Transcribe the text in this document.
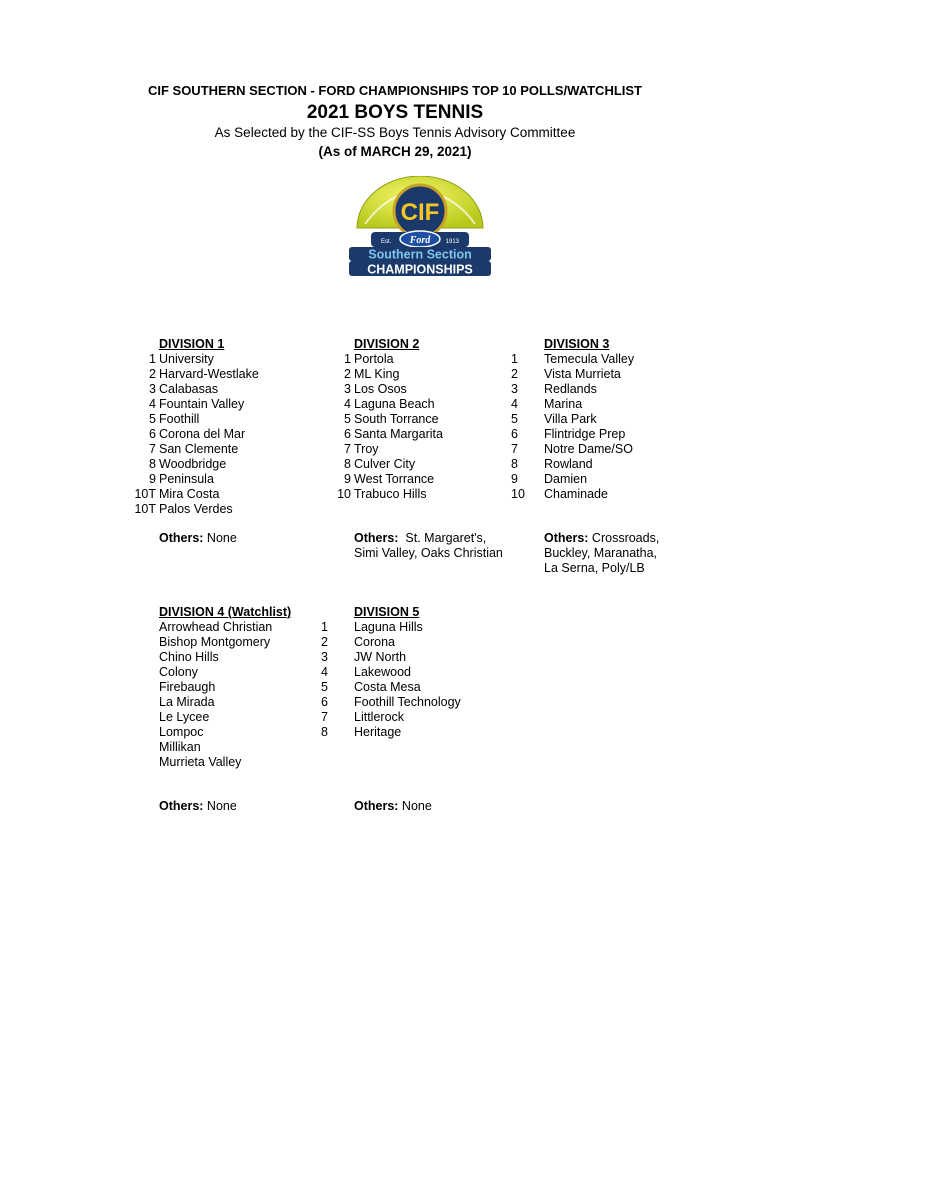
CIF SOUTHERN SECTION - FORD CHAMPIONSHIPS TOP 10 POLLS/WATCHLIST
2021 BOYS TENNIS
As Selected by the CIF-SS Boys Tennis Advisory Committee
(As of MARCH 29, 2021)
CIF
Est. Ford	1913
Southern Section
CHAMPIONSHIPS
DIVISION 1
1 University
2 Harvard-Westlake
3 Calabasas
4 Fountain Valley
5 Foothill
6 Corona del Mar
7 San Clemente
8 Woodbridge
9 Peninsula
10T Mira Costa
10T Palos Verdes
Others: None
DIVISION 2
1 Portola
2 ML King
3 Los Osos
4 Laguna Beach
5 South Torrance
6 Santa Margarita
7 Troy
8 Culver City
9 West Torrance
10 Trabuco Hills
Others:  St. Margaret's,
Simi Valley, Oaks Christian
DIVISION 3
1 Temecula Valley
2 Vista Murrieta
3 Redlands
4 Marina
5 Villa Park
6 Flintridge Prep
7 Notre Dame/SO
8 Rowland
9 Damien
10 Chaminade
Others: Crossroads,
Buckley, Maranatha,
La Serna, Poly/LB
DIVISION 4 (Watchlist)
Arrowhead Christian
Bishop Montgomery
Chino Hills
Colony
Firebaugh
La Mirada
Le Lycee
Lompoc
Millikan
Murrieta Valley
Others: None
DIVISION 5
1 Laguna Hills
2 Corona
3 JW North
4 Lakewood
5 Costa Mesa
6 Foothill Technology
7 Littlerock
8 Heritage
Others: None
